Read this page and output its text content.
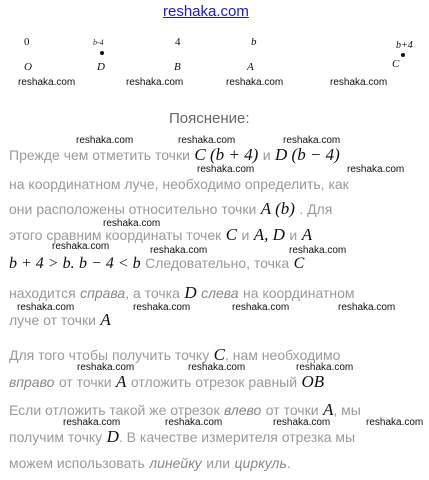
reshaka.com
0	b-4	4	b	b+4
O	D	B	A	C
reshaka.com	reshaka.com	reshaka.com	reshaka.com
Пояснение:
reshaka.com	reshaka.com	reshaka.com
Прежде чем отметить точки C (b + 4) и D (b − 4)
reshaka.com	reshaka.com
на координатном луче, необходимо определить, как
они расположены относительно точки A (b) . Для
reshaka.com
этого сравним координаты точек C и A, D и A
reshaka.com	reshaka.com	reshaka.com
b + 4 > b. b − 4 < b Следовательно, точка C
находится справа, а точка D слева на координатном
reshaka.com	reshaka.com	reshaka.com	reshaka.com
луче от точки A
Для того чтобы получить точку C, нам необходимо
reshaka.com	reshaka.com	reshaka.com
вправо от точки A отложить отрезок равный OB
Если отложить такой же отрезок влево от точки A, мы
reshaka.com	reshaka.com	reshaka.com	reshaka.com
получим точку D. В качестве измерителя отрезка мы
можем использовать линейку или циркуль.
